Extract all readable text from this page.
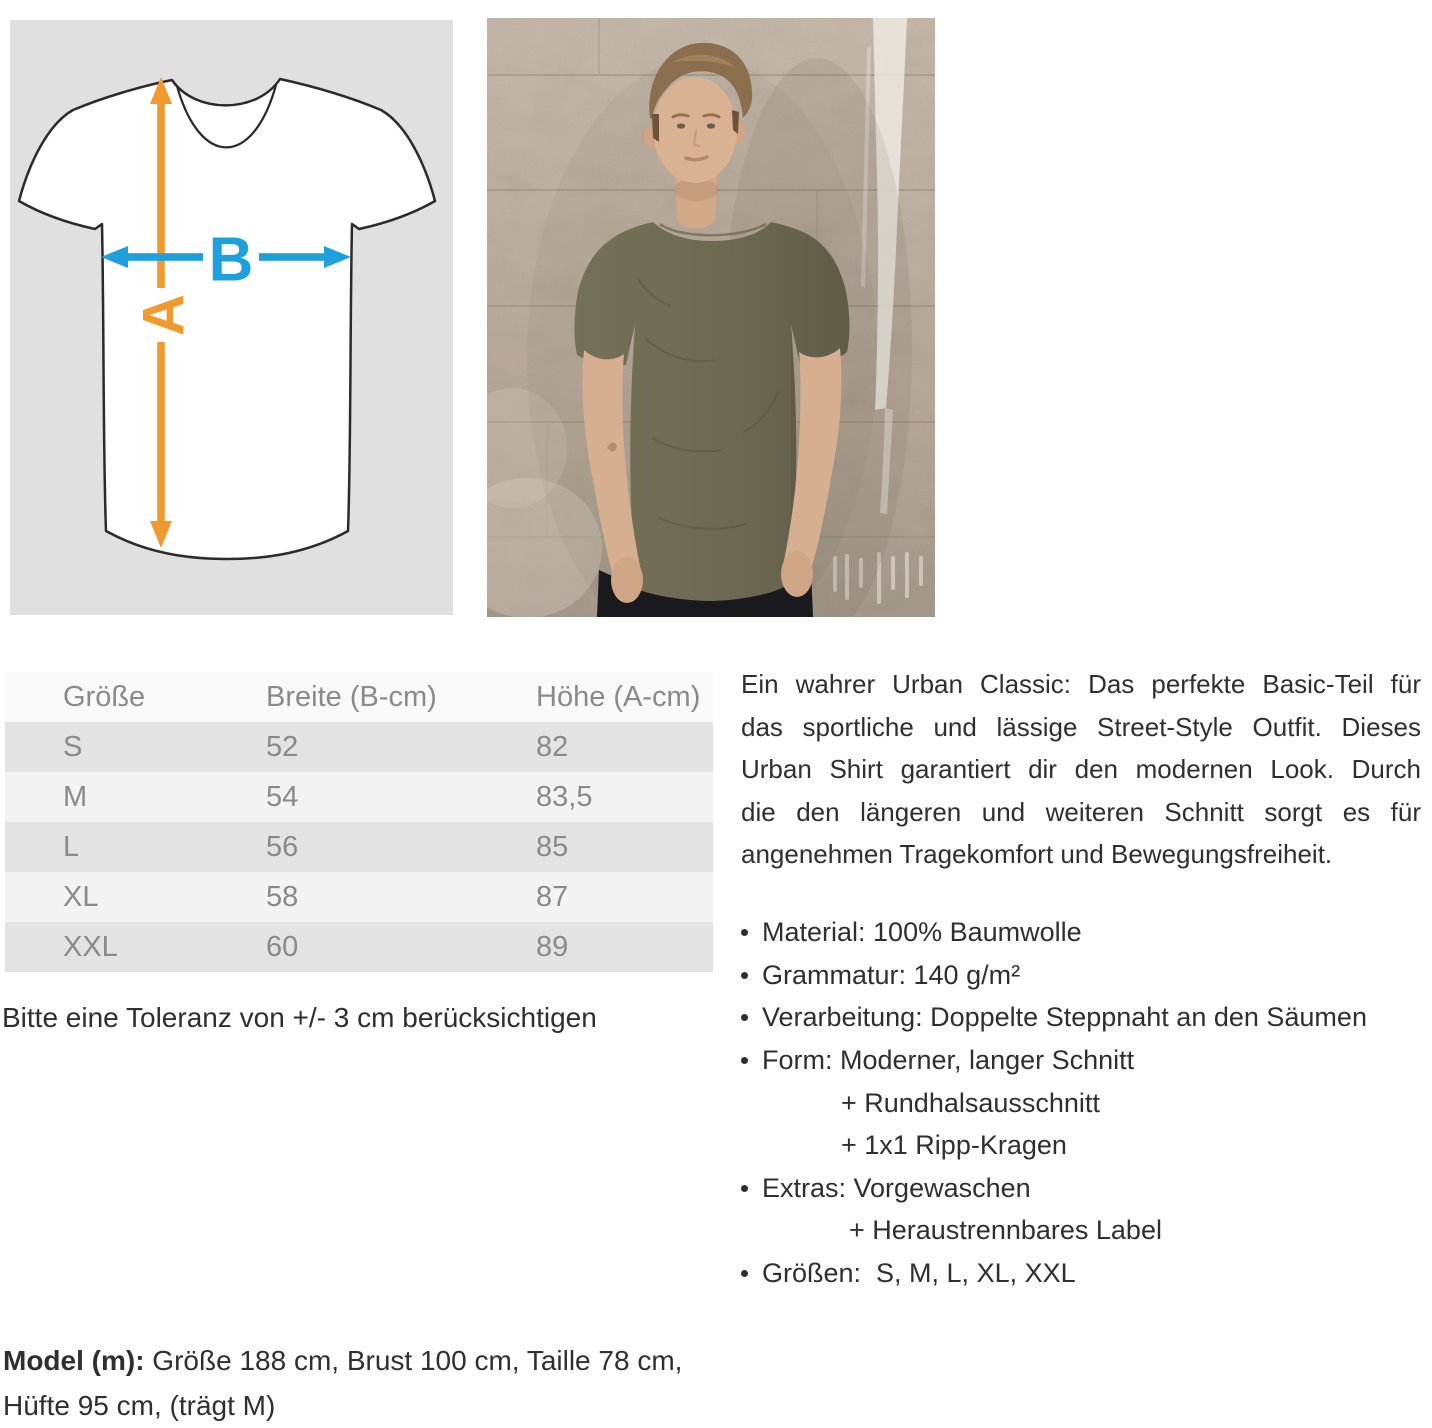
A
B
Größe	Breite (B-cm)	Höhe (A-cm)
S	52	82
M	54	83,5
L	56	85
XL	58	87
XXL	60	89
Bitte eine Toleranz von +/- 3 cm berücksichtigen
Ein wahrer Urban Classic: Das perfekte Basic-Teil für
das sportliche und lässige Street-Style Outfit. Dieses
Urban Shirt garantiert dir den modernen Look. Durch
die den längeren und weiteren Schnitt sorgt es für
angenehmen Tragekomfort und Bewegungsfreiheit.
Material: 100% Baumwolle
Grammatur: 140 g/m²
Verarbeitung: Doppelte Steppnaht an den Säumen
Form: Moderner, langer Schnitt
+ Rundhalsausschnitt
+ 1x1 Ripp-Kragen
Extras: Vorgewaschen
+ Heraustrennbares Label
Größen:  S, M, L, XL, XXL
Model (m): Größe 188 cm, Brust 100 cm, Taille 78 cm, Hüfte 95 cm, (trägt M)
